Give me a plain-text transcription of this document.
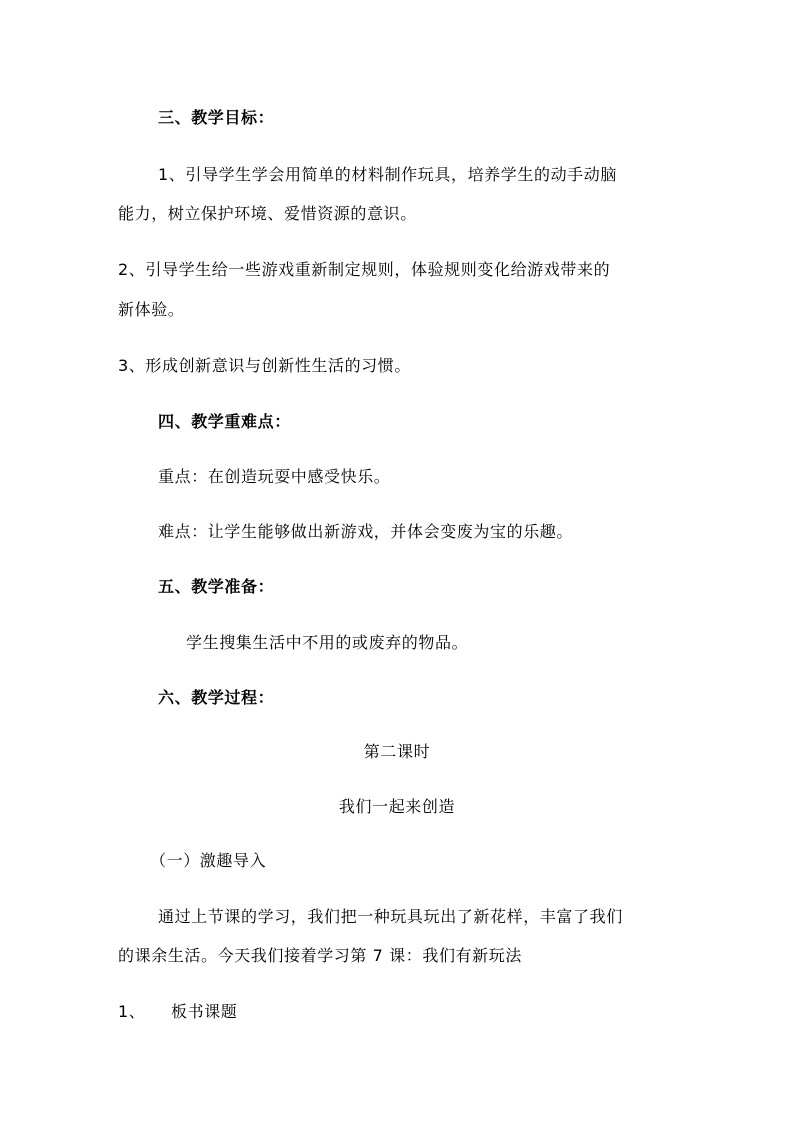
三、教学目标：
1、引导学生学会用简单的材料制作玩具，培养学生的动手动脑
能力，树立保护环境、爱惜资源的意识。
2、引导学生给一些游戏重新制定规则，体验规则变化给游戏带来的
新体验。
3、形成创新意识与创新性生活的习惯。
四、教学重难点：
重点：在创造玩耍中感受快乐。
难点：让学生能够做出新游戏，并体会变废为宝的乐趣。
五、教学准备：
学生搜集生活中不用的或废弃的物品。
六、教学过程：
第二课时
我们一起来创造
（一）激趣导入
通过上节课的学习，我们把一种玩具玩出了新花样，丰富了我们
的课余生活。今天我们接着学习第 7 课：我们有新玩法
1、 板书课题
